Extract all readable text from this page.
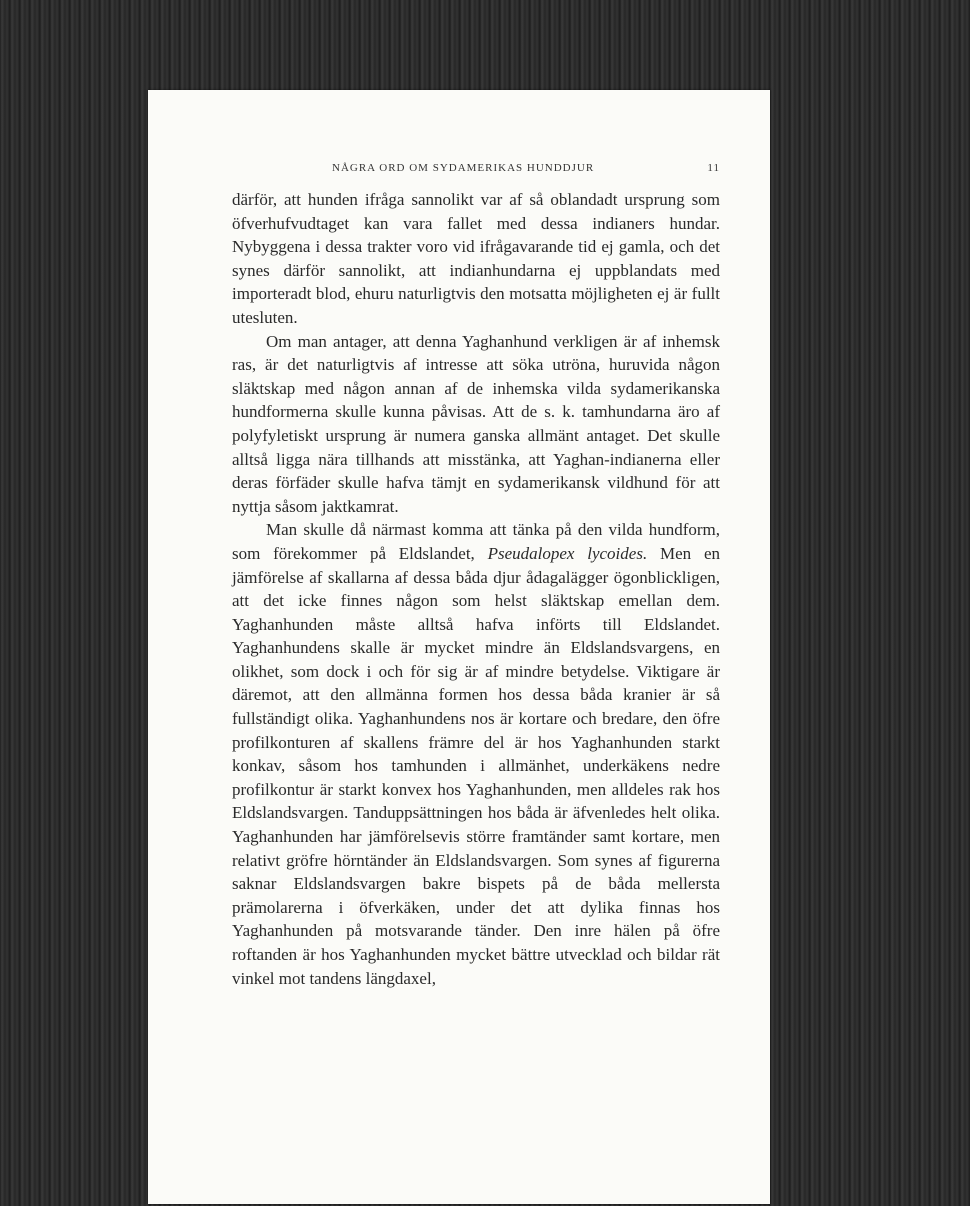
NÅGRA ORD OM SYDAMERIKAS HUNDDJUR	11

därför, att hunden ifråga sannolikt var af så oblandadt ursprung som öfverhufvudtaget kan vara fallet med dessa indianers hundar. Nybyggena i dessa trakter voro vid ifrågavarande tid ej gamla, och det synes därför sannolikt, att indianhundarna ej uppblandats med importeradt blod, ehuru naturligtvis den motsatta möjligheten ej är fullt utesluten.

Om man antager, att denna Yaghanhund verkligen är af inhemsk ras, är det naturligtvis af intresse att söka utröna, huruvida någon släktskap med någon annan af de inhemska vilda sydamerikanska hundformerna skulle kunna påvisas. Att de s. k. tamhundarna äro af polyfyletiskt ursprung är numera ganska allmänt antaget. Det skulle alltså ligga nära tillhands att misstänka, att Yaghan-indianerna eller deras förfäder skulle hafva tämjt en sydamerikansk vildhund för att nyttja såsom jaktkamrat.

Man skulle då närmast komma att tänka på den vilda hundform, som förekommer på Eldslandet, Pseudalopex lycoides. Men en jämförelse af skallarna af dessa båda djur ådagalägger ögonblickligen, att det icke finnes någon som helst släktskap emellan dem. Yaghanhunden måste alltså hafva införts till Eldslandet. Yaghanhundens skalle är mycket mindre än Eldslandsvargens, en olikhet, som dock i och för sig är af mindre betydelse. Viktigare är däremot, att den allmänna formen hos dessa båda kranier är så fullständigt olika. Yaghanhundens nos är kortare och bredare, den öfre profilkonturen af skallens främre del är hos Yaghanhunden starkt konkav, såsom hos tamhunden i allmänhet, underkäkens nedre profilkontur är starkt konvex hos Yaghanhunden, men alldeles rak hos Eldslandsvargen. Tanduppsättningen hos båda är äfvenledes helt olika. Yaghanhunden har jämförelsevis större framtänder samt kortare, men relativt gröfre hörntänder än Eldslandsvargen. Som synes af figurerna saknar Eldslandsvargen bakre bispets på de båda mellersta prämolarerna i öfverkäken, under det att dylika finnas hos Yaghanhunden på motsvarande tänder. Den inre hälen på öfre roftanden är hos Yaghanhunden mycket bättre utvecklad och bildar rät vinkel mot tandens längdaxel,
